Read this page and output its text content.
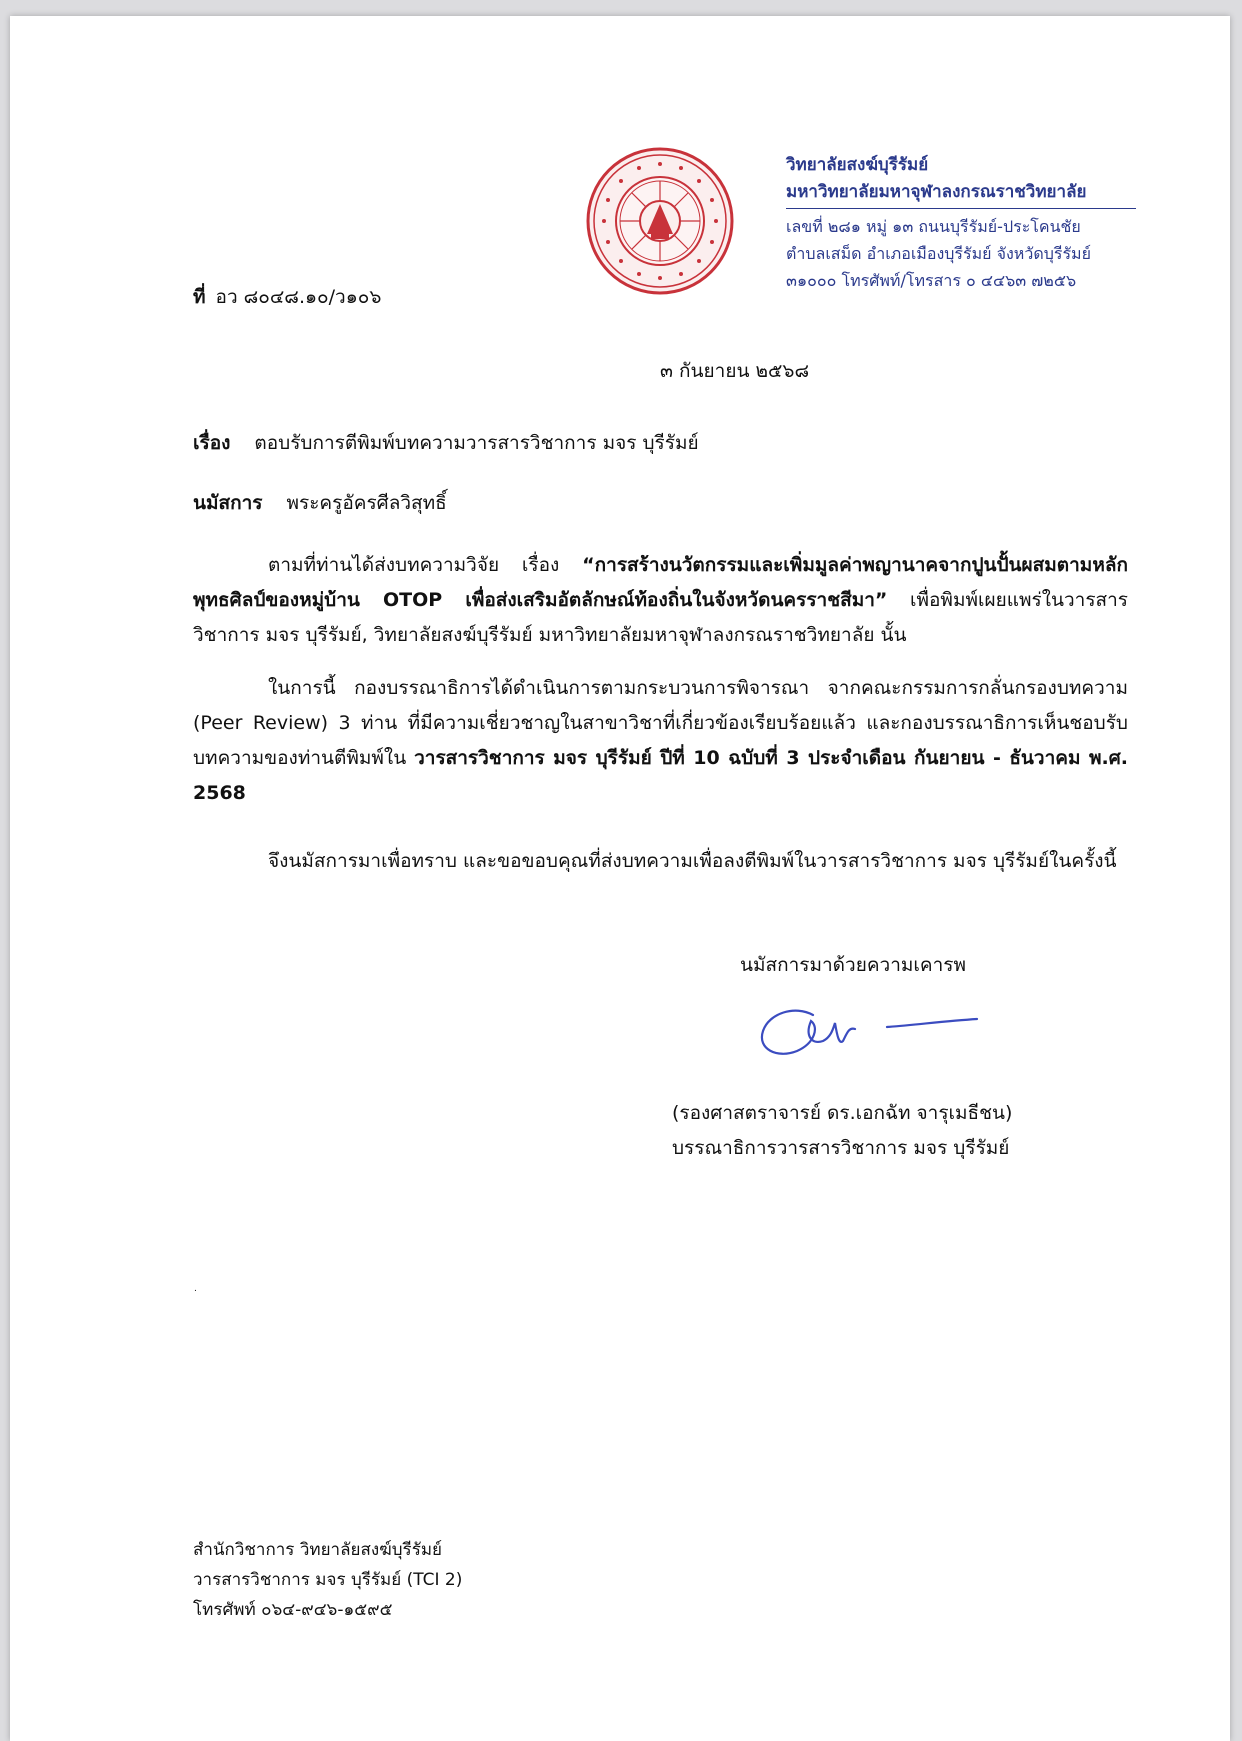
วิทยาลัยสงฆ์บุรีรัมย์
มหาวิทยาลัยมหาจุฬาลงกรณราชวิทยาลัย
เลขที่ ๒๘๑ หมู่ ๑๓ ถนนบุรีรัมย์-ประโคนชัย
ตำบลเสม็ด อำเภอเมืองบุรีรัมย์ จังหวัดบุรีรัมย์
๓๑๐๐๐ โทรศัพท์/โทรสาร ๐ ๔๔๖๓ ๗๒๕๖
ที่ อว ๘๐๔๘.๑๐/ว๑๐๖
๓ กันยายน ๒๕๖๘
เรื่อง ตอบรับการตีพิมพ์บทความวารสารวิชาการ มจร บุรีรัมย์
นมัสการ พระครูอัครศีลวิสุทธิ์
ตามที่ท่านได้ส่งบทความวิจัย เรื่อง “การสร้างนวัตกรรมและเพิ่มมูลค่าพญานาคจากปูนปั้นผสมตามหลักพุทธศิลป์ของหมู่บ้าน OTOP เพื่อส่งเสริมอัตลักษณ์ท้องถิ่นในจังหวัดนครราชสีมา” เพื่อพิมพ์เผยแพร่ในวารสารวิชาการ มจร บุรีรัมย์, วิทยาลัยสงฆ์บุรีรัมย์ มหาวิทยาลัยมหาจุฬาลงกรณราชวิทยาลัย นั้น
ในการนี้ กองบรรณาธิการได้ดำเนินการตามกระบวนการพิจารณา จากคณะกรรมการกลั่นกรองบทความ (Peer Review) 3 ท่าน ที่มีความเชี่ยวชาญในสาขาวิชาที่เกี่ยวข้องเรียบร้อยแล้ว และกองบรรณาธิการเห็นชอบรับบทความของท่านตีพิมพ์ใน วารสารวิชาการ มจร บุรีรัมย์ ปีที่ 10 ฉบับที่ 3 ประจำเดือน กันยายน - ธันวาคม พ.ศ. 2568
จึงนมัสการมาเพื่อทราบ และขอขอบคุณที่ส่งบทความเพื่อลงตีพิมพ์ในวารสารวิชาการ มจร บุรีรัมย์ในครั้งนี้
นมัสการมาด้วยความเคารพ
(รองศาสตราจารย์ ดร.เอกฉัท จารุเมธีชน)
บรรณาธิการวารสารวิชาการ มจร บุรีรัมย์
.
สำนักวิชาการ วิทยาลัยสงฆ์บุรีรัมย์
วารสารวิชาการ มจร บุรีรัมย์ (TCI 2)
โทรศัพท์ ๐๖๔-๙๔๖-๑๕๙๕
